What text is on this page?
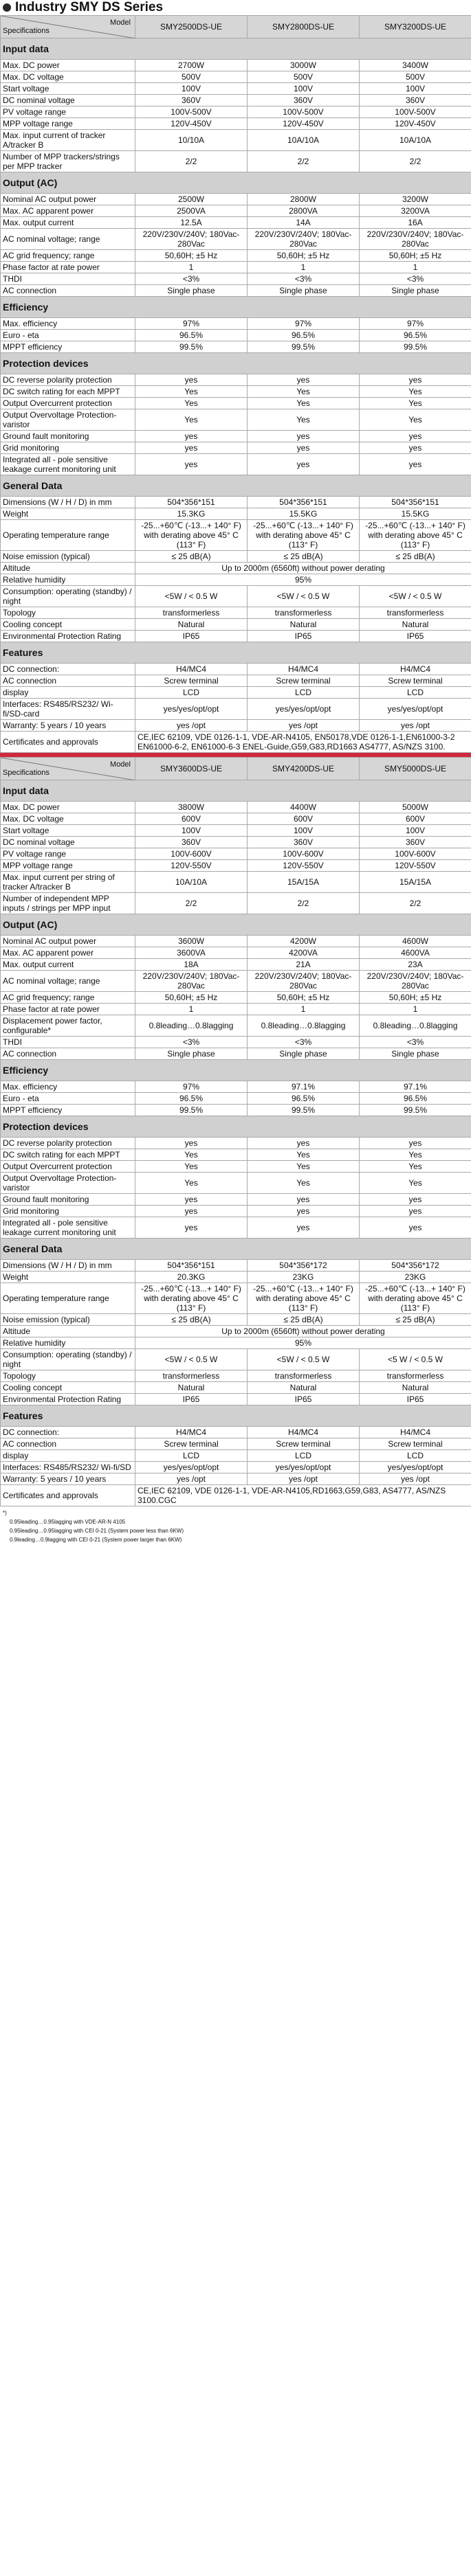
Industry SMY DS Series
Model
Specifications	SMY2500DS-UE	SMY2800DS-UE	SMY3200DS-UE
Input data			
Max. DC power	2700W	3000W	3400W
Max. DC voltage	500V	500V	500V
Start voltage	100V	100V	100V
DC nominal voltage	360V	360V	360V
PV voltage range	100V-500V	100V-500V	100V-500V
MPP voltage range	120V-450V	120V-450V	120V-450V
Max. input current of tracker A/tracker B	10/10A	10A/10A	10A/10A
Number of MPP trackers/strings per MPP tracker	2/2	2/2	2/2
Output (AC)			
Nominal AC output power	2500W	2800W	3200W
Max. AC apparent power	2500VA	2800VA	3200VA
Max. output current	12.5A	14A	16A
AC nominal voltage; range	220V/230V/240V; 180Vac-280Vac	220V/230V/240V; 180Vac-280Vac	220V/230V/240V; 180Vac-280Vac
AC grid frequency; range	50,60H; ±5 Hz	50,60H; ±5 Hz	50,60H; ±5 Hz
Phase factor at rate power	1	1	1
THDI	<3%	<3%	<3%
AC connection	Single phase	Single phase	Single phase
Efficiency			
Max. efficiency	97%	97%	97%
Euro - eta	96.5%	96.5%	96.5%
MPPT efficiency	99.5%	99.5%	99.5%
Protection devices			
DC reverse polarity protection	yes	yes	yes
DC switch rating for each MPPT	Yes	Yes	Yes
Output Overcurrent protection	Yes	Yes	Yes
Output Overvoltage Protection-varistor	Yes	Yes	Yes
Ground fault monitoring	yes	yes	yes
Grid monitoring	yes	yes	yes
Integrated all - pole sensitive leakage current monitoring unit	yes	yes	yes
General Data			
Dimensions (W / H / D) in mm	504*356*151	504*356*151	504*356*151
Weight	15.3KG	15.5KG	15.5KG
Operating temperature range	-25...+60℃ (-13...+ 140° F) with derating above 45° C (113° F)	-25...+60℃ (-13...+ 140° F) with derating above 45° C (113° F)	-25...+60℃ (-13...+ 140° F) with derating above 45° C (113° F)
Noise emission (typical)	≤ 25 dB(A)	≤ 25 dB(A)	≤ 25 dB(A)
Altitude	Up to 2000m (6560ft) without power derating		
Relative humidity	95%		
Consumption: operating (standby) / night	<5W / < 0.5 W	<5W / < 0.5 W	<5W / < 0.5 W
Topology	transformerless	transformerless	transformerless
Cooling concept	Natural	Natural	Natural
Environmental Protection Rating	IP65	IP65	IP65
Features			
DC connection:	H4/MC4	H4/MC4	H4/MC4
AC connection	Screw terminal	Screw terminal	Screw terminal
display	LCD	LCD	LCD
Interfaces: RS485/RS232/ Wi-fi/SD-card	yes/yes/opt/opt	yes/yes/opt/opt	yes/yes/opt/opt
Warranty: 5 years / 10 years	yes /opt	yes /opt	yes /opt
Certificates and approvals	CE,IEC 62109, VDE 0126-1-1, VDE-AR-N4105, EN50178,VDE 0126-1-1,EN61000-3-2 EN61000-6-2, EN61000-6-3 ENEL-Guide,G59,G83,RD1663 AS4777, AS/NZS 3100.		
Model
Specifications	SMY3600DS-UE	SMY4200DS-UE	SMY5000DS-UE
Input data			
Max. DC power	3800W	4400W	5000W
Max. DC voltage	600V	600V	600V
Start voltage	100V	100V	100V
DC nominal voltage	360V	360V	360V
PV voltage range	100V-600V	100V-600V	100V-600V
MPP voltage range	120V-550V	120V-550V	120V-550V
Max. input current per string of tracker A/tracker B	10A/10A	15A/15A	15A/15A
Number of independent MPP inputs / strings per MPP input	2/2	2/2	2/2
Output (AC)			
Nominal AC output power	3600W	4200W	4600W
Max. AC apparent power	3600VA	4200VA	4600VA
Max. output current	18A	21A	23A
AC nominal voltage; range	220V/230V/240V; 180Vac-280Vac	220V/230V/240V; 180Vac-280Vac	220V/230V/240V; 180Vac-280Vac
AC grid frequency; range	50,60H; ±5 Hz	50,60H; ±5 Hz	50,60H; ±5 Hz
Phase factor at rate power	1	1	1
Displacement power factor, configurable*	0.8leading…0.8lagging	0.8leading…0.8lagging	0.8leading…0.8lagging
THDI	<3%	<3%	<3%
AC connection	Single phase	Single phase	Single phase
Efficiency			
Max. efficiency	97%	97.1%	97.1%
Euro - eta	96.5%	96.5%	96.5%
MPPT efficiency	99.5%	99.5%	99.5%
Protection devices			
DC reverse polarity protection	yes	yes	yes
DC switch rating for each MPPT	Yes	Yes	Yes
Output Overcurrent protection	Yes	Yes	Yes
Output Overvoltage Protection-varistor	Yes	Yes	Yes
Ground fault monitoring	yes	yes	yes
Grid monitoring	yes	yes	yes
Integrated all - pole sensitive leakage current monitoring unit	yes	yes	yes
General Data			
Dimensions (W / H / D) in mm	504*356*151	504*356*172	504*356*172
Weight	20.3KG	23KG	23KG
Operating temperature range	-25...+60℃ (-13...+ 140° F) with derating above 45° C (113° F)	-25...+60℃ (-13...+ 140° F) with derating above 45° C (113° F)	-25...+60℃ (-13...+ 140° F) with derating above 45° C (113° F)
Noise emission (typical)	≤ 25 dB(A)	≤ 25 dB(A)	≤ 25 dB(A)
Altitude	Up to 2000m (6560ft) without power derating		
Relative humidity	95%		
Consumption: operating (standby) / night	<5W / < 0.5 W	<5W / < 0.5 W	<5 W / < 0.5 W
Topology	transformerless	transformerless	transformerless
Cooling concept	Natural	Natural	Natural
Environmental Protection Rating	IP65	IP65	IP65
Features			
DC connection:	H4/MC4	H4/MC4	H4/MC4
AC connection	Screw terminal	Screw terminal	Screw terminal
display	LCD	LCD	LCD
Interfaces: RS485/RS232/ Wi-fi/SD	yes/yes/opt/opt	yes/yes/opt/opt	yes/yes/opt/opt
Warranty: 5 years / 10 years	yes /opt	yes /opt	yes /opt
Certificates and approvals	CE,IEC 62109, VDE 0126-1-1, VDE-AR-N4105,RD1663,G59,G83, AS4777, AS/NZS 3100.CGC		
*)
0.95leading…0.95lagging with VDE-AR-N 4105
0.95leading…0.95lagging with CEI 0-21 (System power less than 6KW)
0.9leading…0.9lagging with CEI 0-21 (System power larger than 6KW)
